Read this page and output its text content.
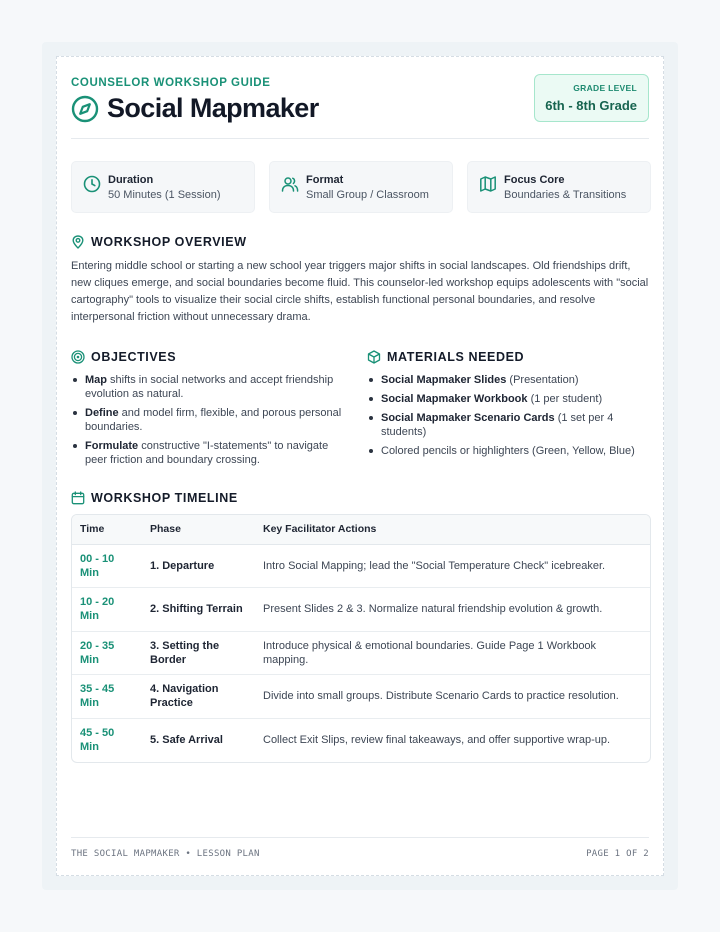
COUNSELOR WORKSHOP GUIDE
Social Mapmaker
GRADE LEVEL
6th - 8th Grade
Duration
50 Minutes (1 Session)
Format
Small Group / Classroom
Focus Core
Boundaries & Transitions
WORKSHOP OVERVIEW

Entering middle school or starting a new school year triggers major shifts in social landscapes. Old friendships drift, new cliques emerge, and social boundaries become fluid. This counselor-led workshop equips adolescents with "social cartography" tools to visualize their social circle shifts, establish functional personal boundaries, and resolve interpersonal friction without unnecessary drama.

OBJECTIVES
Map shifts in social networks and accept friendship evolution as natural.
Define and model firm, flexible, and porous personal boundaries.
Formulate constructive "I-statements" to navigate peer friction and boundary crossing.
MATERIALS NEEDED
Social Mapmaker Slides (Presentation)
Social Mapmaker Workbook (1 per student)
Social Mapmaker Scenario Cards (1 set per 4 students)
Colored pencils or highlighters (Green, Yellow, Blue)
WORKSHOP TIMELINE
Time	Phase	Key Facilitator Actions
00 - 10 Min	1. Departure	Intro Social Mapping; lead the "Social Temperature Check" icebreaker.
10 - 20 Min	2. Shifting Terrain	Present Slides 2 & 3. Normalize natural friendship evolution & growth.
20 - 35 Min	3. Setting the Border	Introduce physical & emotional boundaries. Guide Page 1 Workbook mapping.
35 - 45 Min	4. Navigation Practice	Divide into small groups. Distribute Scenario Cards to practice resolution.
45 - 50 Min	5. Safe Arrival	Collect Exit Slips, review final takeaways, and offer supportive wrap-up.
THE SOCIAL MAPMAKER • LESSON PLAN	PAGE 1 OF 2
